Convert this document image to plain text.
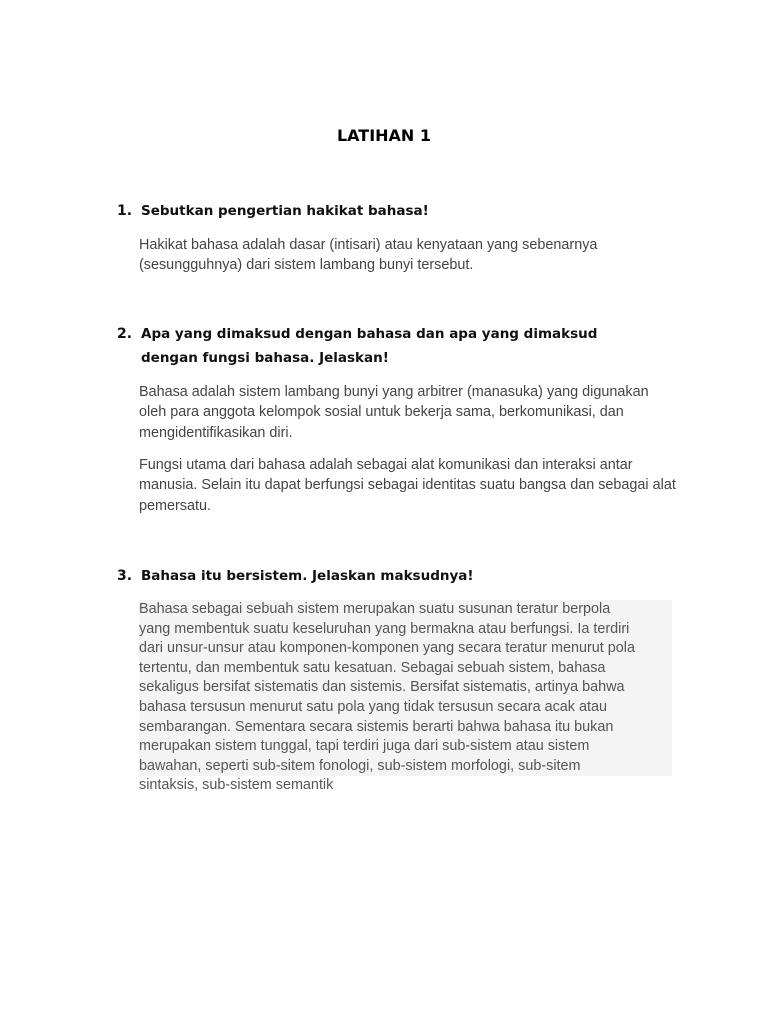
LATIHAN 1
1. Sebutkan pengertian hakikat bahasa!

Hakikat bahasa adalah dasar (intisari) atau kenyataan yang sebenarnya (sesungguhnya) dari sistem lambang bunyi tersebut.

2. Apa yang dimaksud dengan bahasa dan apa yang dimaksud dengan fungsi bahasa. Jelaskan!

Bahasa adalah sistem lambang bunyi yang arbitrer (manasuka) yang digunakan oleh para anggota kelompok sosial untuk bekerja sama, berkomunikasi, dan mengidentifikasikan diri.

Fungsi utama dari bahasa adalah sebagai alat komunikasi dan interaksi antar manusia. Selain itu dapat berfungsi sebagai identitas suatu bangsa dan sebagai alat pemersatu.

3. Bahasa itu bersistem. Jelaskan maksudnya!
Bahasa sebagai sebuah sistem merupakan suatu susunan teratur berpola
yang membentuk suatu keseluruhan yang bermakna atau berfungsi. Ia terdiri
dari unsur-unsur atau komponen-komponen yang secara teratur menurut pola
tertentu, dan membentuk satu kesatuan. Sebagai sebuah sistem, bahasa
sekaligus bersifat sistematis dan sistemis. Bersifat sistematis, artinya bahwa
bahasa tersusun menurut satu pola yang tidak tersusun secara acak atau
sembarangan. Sementara secara sistemis berarti bahwa bahasa itu bukan
merupakan sistem tunggal, tapi terdiri juga dari sub-sistem atau sistem
bawahan, seperti sub-sitem fonologi, sub-sistem morfologi, sub-sitem
sintaksis, sub-sistem semantik
